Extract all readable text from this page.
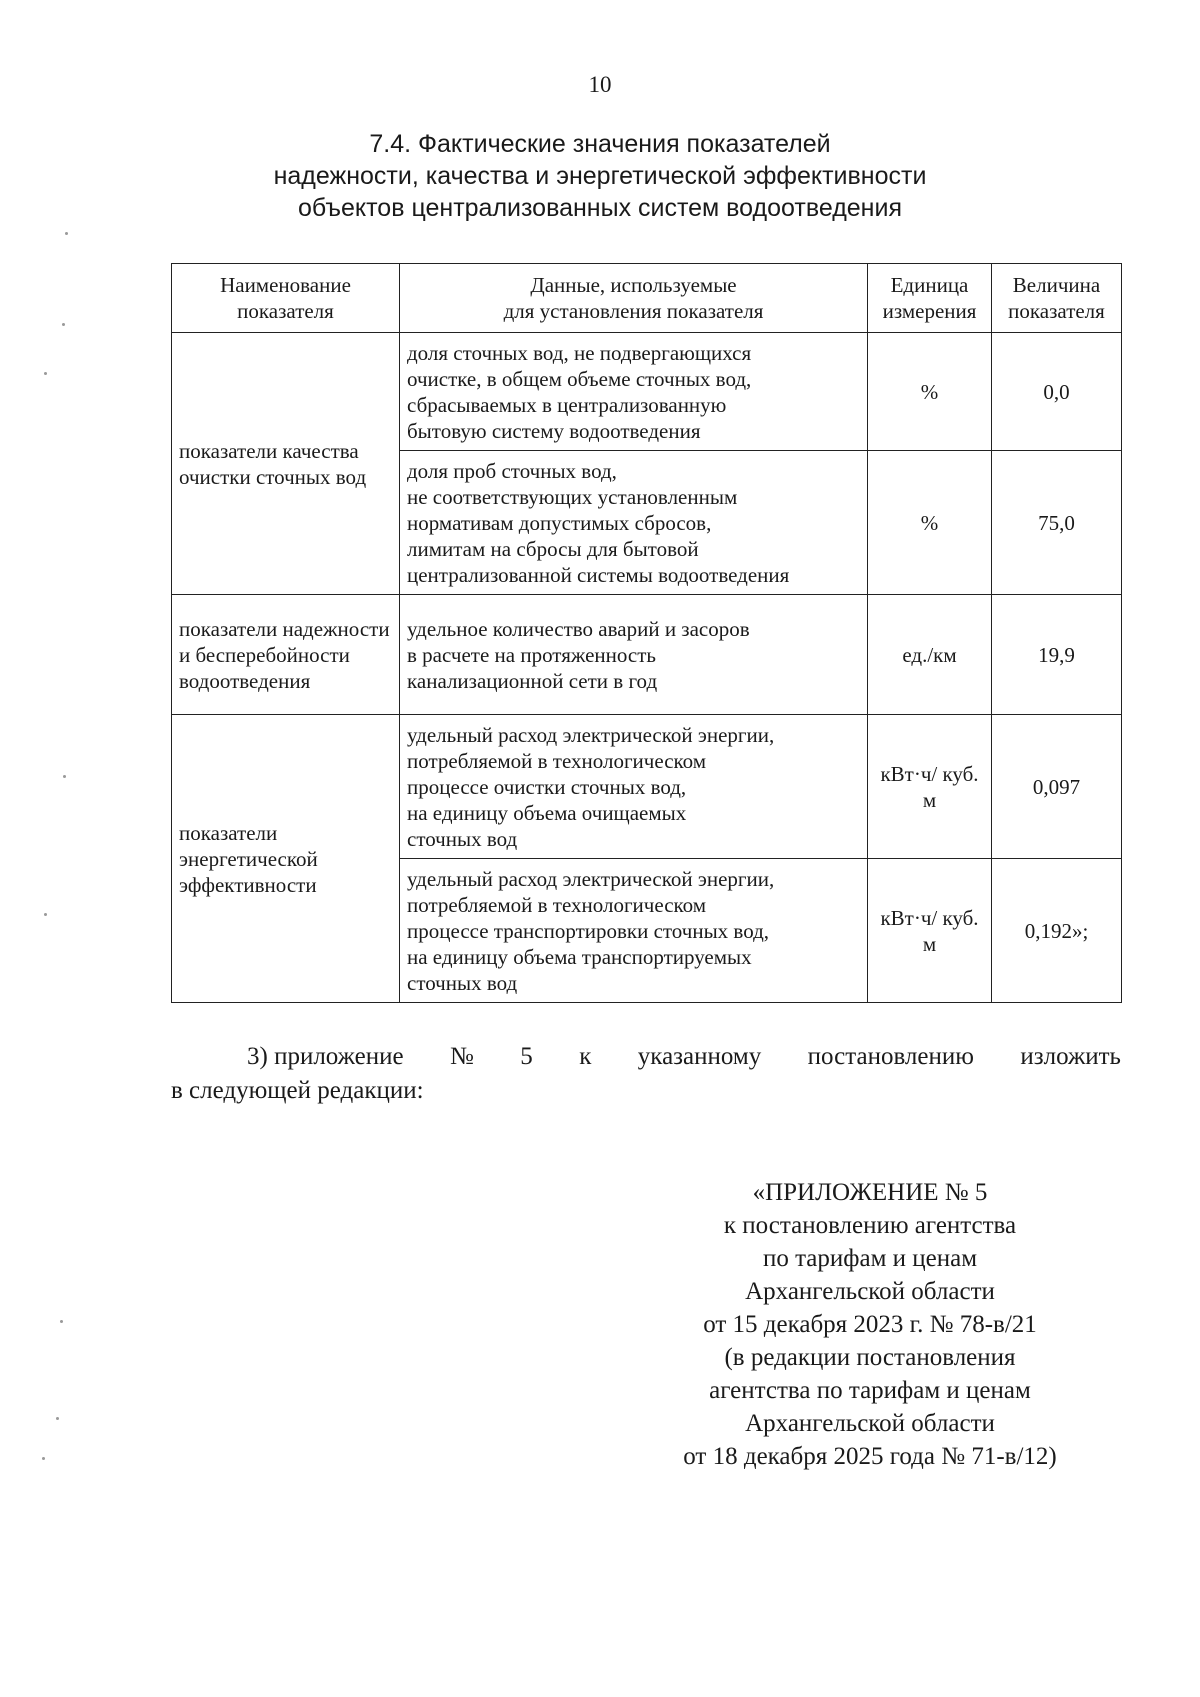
10
7.4. Фактические значения показателей
надежности, качества и энергетической эффективности
объектов централизованных систем водоотведения
Наименование показателя	Данные, используемые
для установления показателя	Единица измерения	Величина показателя
показатели качества очистки сточных вод	доля сточных вод, не подвергающихся
очистке, в общем объеме сточных вод,
сбрасываемых в централизованную
бытовую систему водоотведения	%	0,0
	доля проб сточных вод,
не соответствующих установленным
нормативам допустимых сбросов,
лимитам на сбросы для бытовой
централизованной системы водоотведения	%	75,0
показатели надежности и бесперебойности водоотведения	удельное количество аварий и засоров
в расчете на протяженность
канализационной сети в год	ед./км	19,9
показатели энергетической эффективности	удельный расход электрической энергии,
потребляемой в технологическом
процессе очистки сточных вод,
на единицу объема очищаемых
сточных вод	кВт·ч/ куб. м	0,097
	удельный расход электрической энергии,
потребляемой в технологическом
процессе транспортировки сточных вод,
на единицу объема транспортируемых
сточных вод	кВт·ч/ куб. м	0,192»;
3) приложение № 5 к указанному постановлению изложить
в следующей редакции:
«ПРИЛОЖЕНИЕ № 5
к постановлению агентства
по тарифам и ценам
Архангельской области
от 15 декабря 2023 г. № 78-в/21
(в редакции постановления
агентства по тарифам и ценам
Архангельской области
от 18 декабря 2025 года № 71-в/12)
